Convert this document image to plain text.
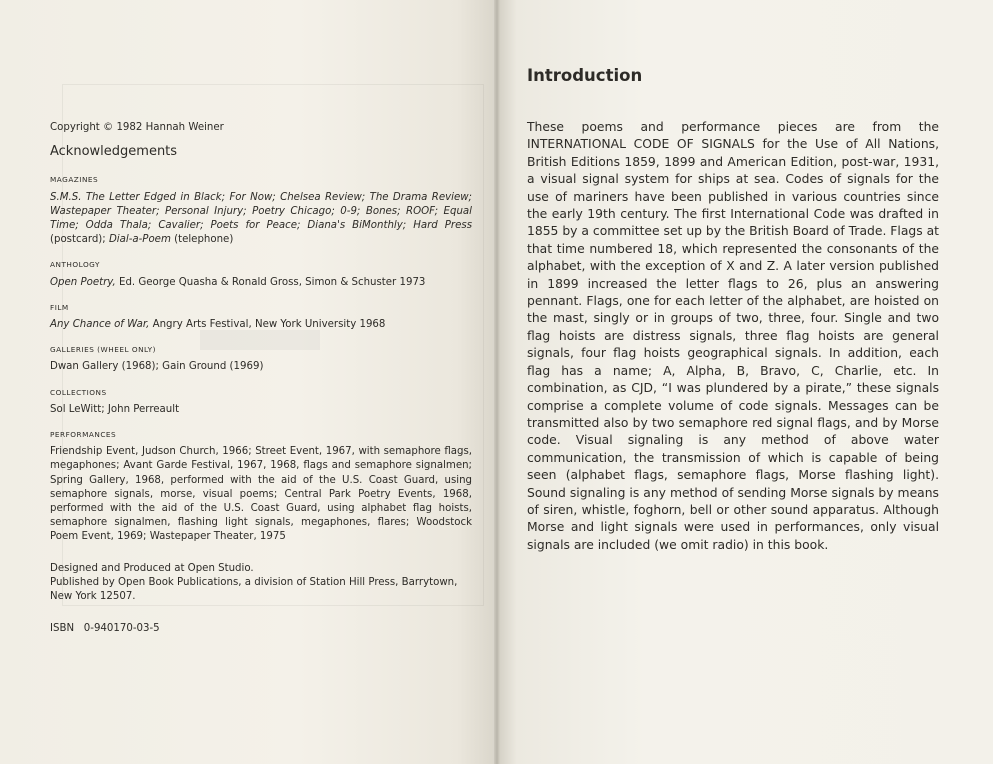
Copyright © 1982 Hannah Weiner

Acknowledgements

MAGAZINES

S.M.S. The Letter Edged in Black; For Now; Chelsea Review; The Drama Review; Wastepaper Theater; Personal Injury; Poetry Chicago; 0-9; Bones; ROOF; Equal Time; Odda Thala; Cavalier; Poets for Peace; Diana's BiMonthly; Hard Press (postcard); Dial-a-Poem (telephone)

ANTHOLOGY

Open Poetry, Ed. George Quasha & Ronald Gross, Simon & Schuster 1973

FILM

Any Chance of War, Angry Arts Festival, New York University 1968

GALLERIES (WHEEL ONLY)

Dwan Gallery (1968); Gain Ground (1969)

COLLECTIONS

Sol LeWitt; John Perreault

PERFORMANCES

Friendship Event, Judson Church, 1966; Street Event, 1967, with semaphore flags, megaphones; Avant Garde Festival, 1967, 1968, flags and semaphore signalmen; Spring Gallery, 1968, performed with the aid of the U.S. Coast Guard, using semaphore signals, morse, visual poems; Central Park Poetry Events, 1968, performed with the aid of the U.S. Coast Guard, using alphabet flag hoists, semaphore signalmen, flashing light signals, megaphones, flares; Woodstock Poem Event, 1969; Wastepaper Theater, 1975

Designed and Produced at Open Studio.
Published by Open Book Publications, a division of Station Hill Press, Barrytown, New York 12507.

ISBN   0-940170-03-5

Introduction

These poems and performance pieces are from the INTERNATIONAL CODE OF SIGNALS for the Use of All Nations, British Editions 1859, 1899 and American Edition, post-war, 1931, a visual signal system for ships at sea. Codes of signals for the use of mariners have been published in various countries since the early 19th century. The first International Code was drafted in 1855 by a committee set up by the British Board of Trade. Flags at that time numbered 18, which represented the consonants of the alphabet, with the exception of X and Z. A later version published in 1899 increased the letter flags to 26, plus an answering pennant. Flags, one for each letter of the alphabet, are hoisted on the mast, singly or in groups of two, three, four. Single and two flag hoists are distress signals, three flag hoists are general signals, four flag hoists geographical signals. In addition, each flag has a name; A, Alpha, B, Bravo, C, Charlie, etc. In combination, as CJD, “I was plundered by a pirate,” these signals comprise a complete volume of code signals. Messages can be transmitted also by two semaphore red signal flags, and by Morse code. Visual signaling is any method of above water communication, the transmission of which is capable of being seen (alphabet flags, semaphore flags, Morse flashing light). Sound signaling is any method of sending Morse signals by means of siren, whistle, foghorn, bell or other sound apparatus. Although Morse and light signals were used in performances, only visual signals are included (we omit radio) in this book.
